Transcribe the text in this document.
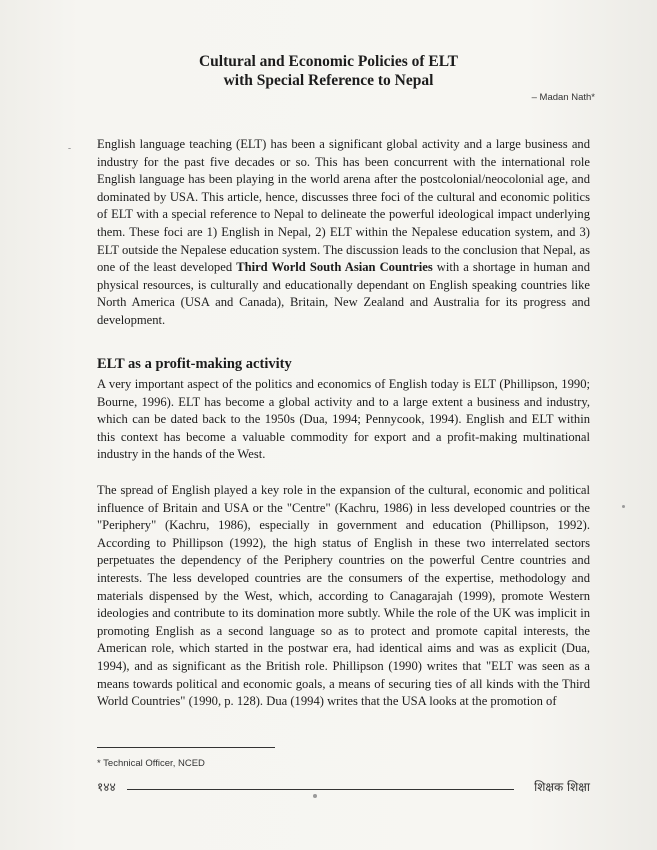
Cultural and Economic Policies of ELT
with Special Reference to Nepal
– Madan Nath*

English language teaching (ELT) has been a significant global activity and a large business and industry for the past five decades or so. This has been concurrent with the international role English language has been playing in the world arena after the postcolonial/neocolonial age, and dominated by USA. This article, hence, discusses three foci of the cultural and economic politics of ELT with a special reference to Nepal to delineate the powerful ideological impact underlying them. These foci are 1) English in Nepal, 2) ELT within the Nepalese education system, and 3) ELT outside the Nepalese education system. The discussion leads to the conclusion that Nepal, as one of the least developed Third World South Asian Countries with a shortage in human and physical resources, is culturally and educationally dependant on English speaking countries like North America (USA and Canada), Britain, New Zealand and Australia for its progress and development.

ELT as a profit-making activity

A very important aspect of the politics and economics of English today is ELT (Phillipson, 1990; Bourne, 1996). ELT has become a global activity and to a large extent a business and industry, which can be dated back to the 1950s (Dua, 1994; Pennycook, 1994). English and ELT within this context has become a valuable commodity for export and a profit-making multinational industry in the hands of the West.

The spread of English played a key role in the expansion of the cultural, economic and political influence of Britain and USA or the "Centre" (Kachru, 1986) in less developed countries or the "Periphery" (Kachru, 1986), especially in government and education (Phillipson, 1992). According to Phillipson (1992), the high status of English in these two interrelated sectors perpetuates the dependency of the Periphery countries on the powerful Centre countries and interests. The less developed countries are the consumers of the expertise, methodology and materials dispensed by the West, which, according to Canagarajah (1999), promote Western ideologies and contribute to its domination more subtly. While the role of the UK was implicit in promoting English as a second language so as to protect and promote capital interests, the American role, which started in the postwar era, had identical aims and was as explicit (Dua, 1994), and as significant as the British role. Phillipson (1990) writes that "ELT was seen as a means towards political and economic goals, a means of securing ties of all kinds with the Third World Countries" (1990, p. 128). Dua (1994) writes that the USA looks at the promotion of

* Technical Officer, NCED
१४४	शिक्षक शिक्षा
